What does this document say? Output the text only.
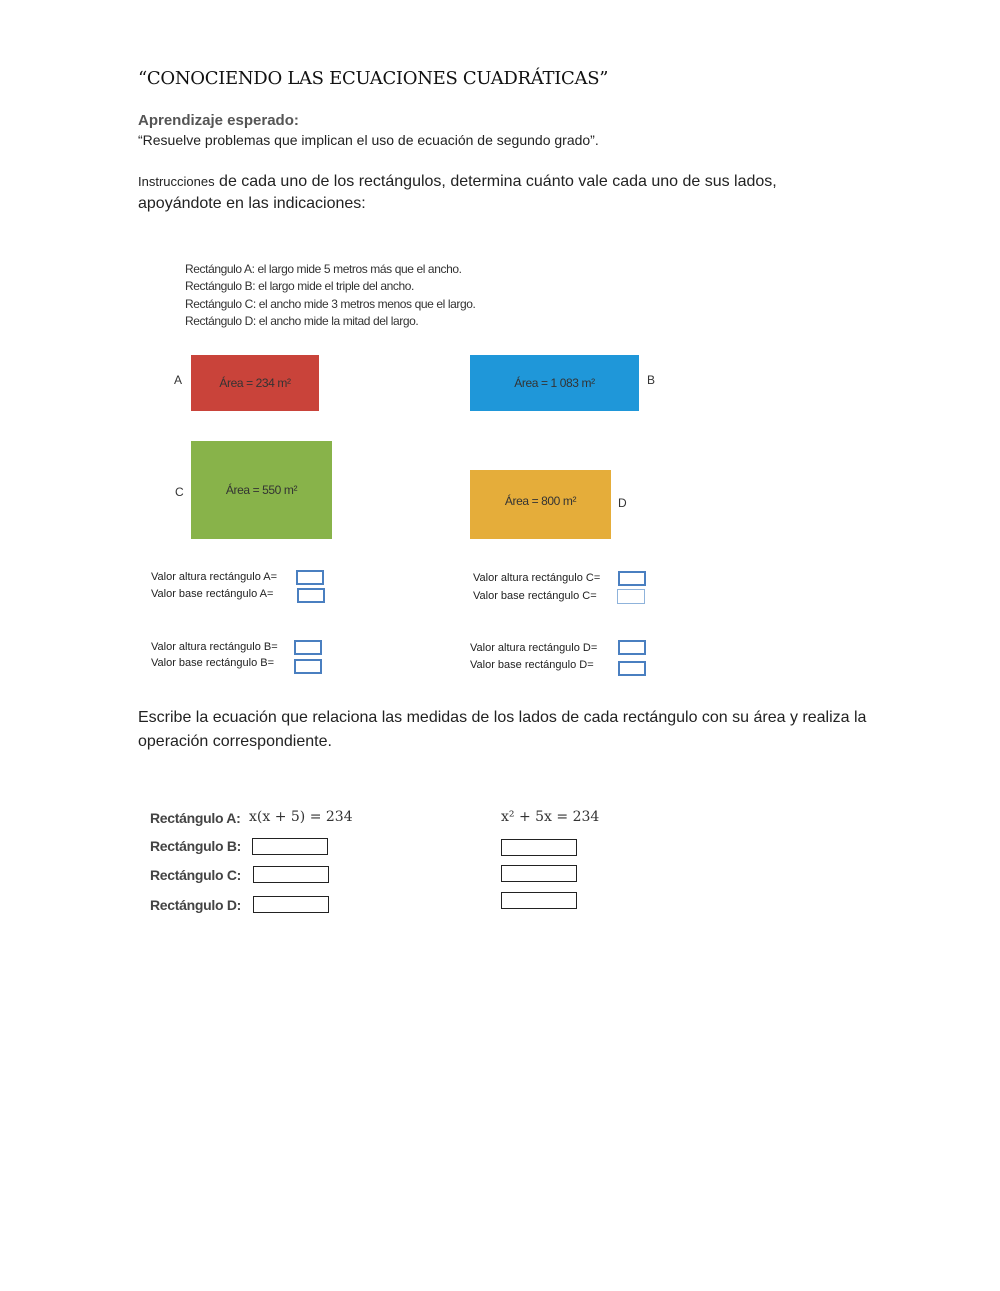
“CONOCIENDO LAS ECUACIONES CUADRÁTICAS”
Aprendizaje esperado:
“Resuelve problemas que implican el uso de ecuación de segundo grado”.
Instrucciones de cada uno de los rectángulos, determina cuánto vale cada uno de sus lados, apoyándote en las indicaciones:
Rectángulo A: el largo mide 5 metros más que el ancho.
Rectángulo B: el largo mide el triple del ancho.
Rectángulo C: el ancho mide 3 metros menos que el largo.
Rectángulo D: el ancho mide la mitad del largo.
A	Área = 234 m²	Área = 1 083 m²	B
C	Área = 550 m²
Área = 800 m²	D
Valor altura rectángulo A=
Valor base rectángulo A=
Valor altura rectángulo C=
Valor base rectángulo C=
Valor altura rectángulo B=
Valor base rectángulo B=
Valor altura rectángulo D=
Valor base rectángulo D=
Escribe la ecuación que relaciona las medidas de los lados de cada rectángulo con su área y realiza la operación correspondiente.
Rectángulo A: x(x + 5) = 234	x² + 5x = 234
Rectángulo B:
Rectángulo C:
Rectángulo D:
